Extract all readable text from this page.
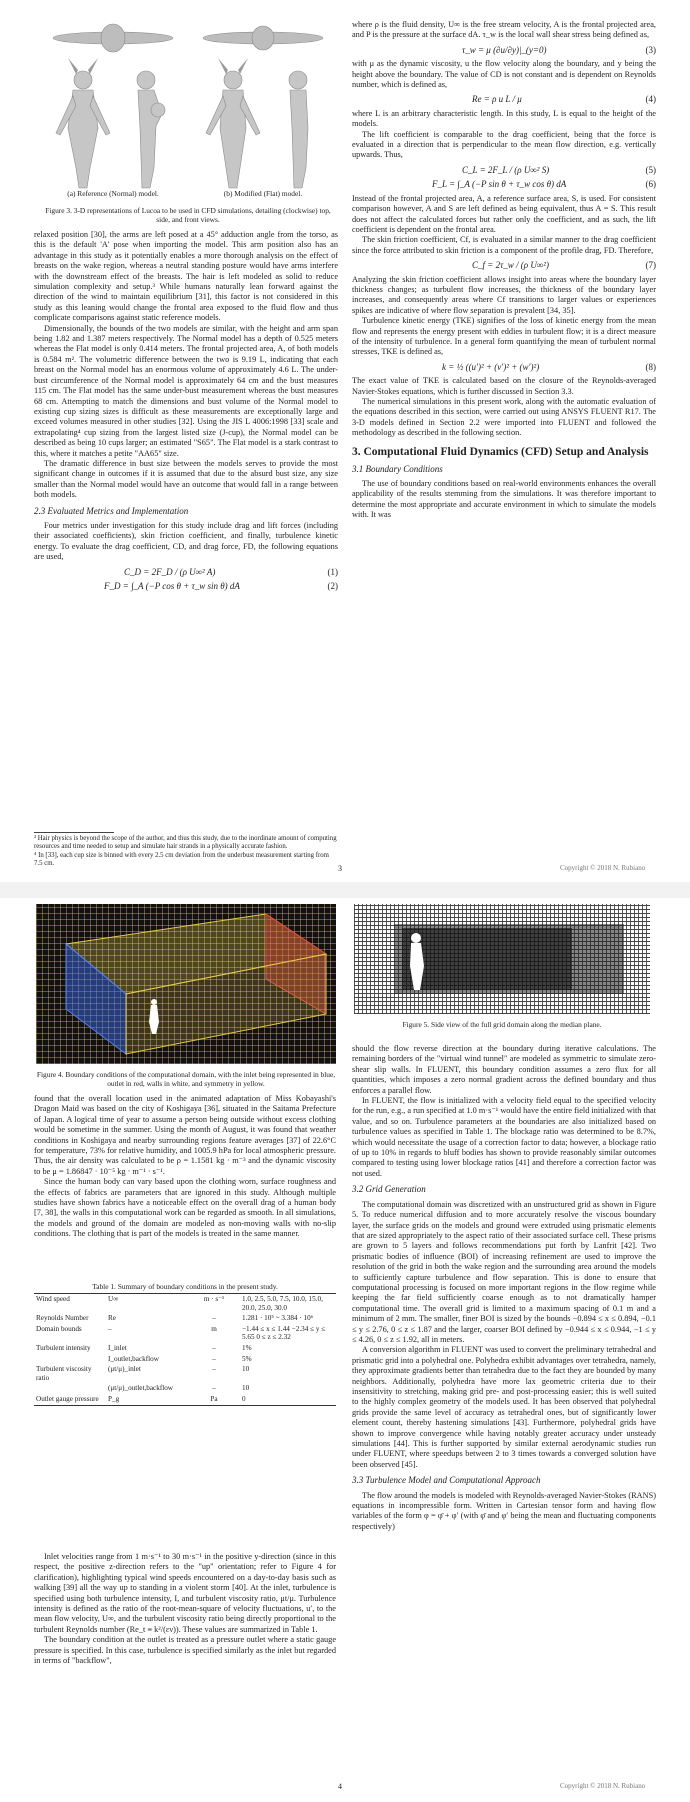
(a) Reference (Normal) model.	(b) Modified (Flat) model.
Figure 3. 3-D representations of Lucoa to be used in CFD simulations, detailing (clockwise) top, side, and front views.

relaxed position [30], the arms are left posed at a 45° adduction angle from the torso, as this is the default 'A' pose when importing the model. This arm position also has an advantage in this study as it potentially enables a more thorough analysis on the effect of breasts on the wake region, whereas a neutral standing posture would have arms interfere with the downstream effect of the breasts. The hair is left modeled as solid to reduce simulation complexity and setup.³ While humans naturally lean forward against the direction of the wind to maintain equilibrium [31], this factor is not considered in this study as this leaning would change the frontal area exposed to the fluid flow and thus complicate comparisons against static reference models.

Dimensionally, the bounds of the two models are similar, with the height and arm span being 1.82 and 1.387 meters respectively. The Normal model has a depth of 0.525 meters whereas the Flat model is only 0.414 meters. The frontal projected area, A, of both models is 0.584 m². The volumetric difference between the two is 9.19 L, indicating that each breast on the Normal model has an enormous volume of approximately 4.6 L. The under-bust circumference of the Normal model is approximately 64 cm and the bust measures 115 cm. The Flat model has the same under-bust measurement whereas the bust measures 68 cm. Attempting to match the dimensions and bust volume of the Normal model to existing cup sizing sizes is difficult as these measurements are exceptionally large and exceed volumes measured in other studies [32]. Using the JIS L 4006:1998 [33] scale and extrapolating⁴ cup sizing from the largest listed size (J-cup), the Normal model can be described as being 10 cups larger; an estimated "S65". The Flat model is a stark contrast to this, where it matches a petite "AA65" size.

The dramatic difference in bust size between the models serves to provide the most significant change in outcomes if it is assumed that due to the absurd bust size, any size smaller than the Normal model would have an outcome that would fall in a range between both models.

2.3 Evaluated Metrics and Implementation

Four metrics under investigation for this study include drag and lift forces (including their associated coefficients), skin friction coefficient, and finally, turbulence kinetic energy. To evaluate the drag coefficient, CD, and drag force, FD, the following equations are used,

C_D = 2F_D / (ρ U∞² A)	(1)
F_D = ∫_A (−P cos θ + τ_w sin θ) dA	(2)
³ Hair physics is beyond the scope of the author, and thus this study, due to the inordinate amount of computing resources and time needed to setup and simulate hair strands in a physically accurate fashion.
⁴ In [33], each cup size is binned with every 2.5 cm deviation from the underbust measurement starting from 7.5 cm.
3

where ρ is the fluid density, U∞ is the free stream velocity, A is the frontal projected area, and P is the pressure at the surface dA. τ_w is the local wall shear stress being defined as,

τ_w = μ (∂u/∂y)|_(y=0)	(3)

with μ as the dynamic viscosity, u the flow velocity along the boundary, and y being the height above the boundary. The value of CD is not constant and is dependent on Reynolds number, which is defined as,

Re = ρ u L / μ	(4)

where L is an arbitrary characteristic length. In this study, L is equal to the height of the models.

The lift coefficient is comparable to the drag coefficient, being that the force is evaluated in a direction that is perpendicular to the mean flow direction, e.g. vertically upwards. Thus,

C_L = 2F_L / (ρ U∞² S)	(5)
F_L = ∫_A (−P sin θ + τ_w cos θ) dA	(6)

Instead of the frontal projected area, A, a reference surface area, S, is used. For consistent comparison however, A and S are left defined as being equivalent, thus A = S. This result does not affect the calculated forces but rather only the coefficient, and as such, the lift coefficient is dependent on the frontal area.

The skin friction coefficient, Cf, is evaluated in a similar manner to the drag coefficient since the force attributed to skin friction is a component of the profile drag, FD. Therefore,

C_f = 2τ_w / (ρ U∞²)	(7)

Analyzing the skin friction coefficient allows insight into areas where the boundary layer thickness changes; as turbulent flow increases, the thickness of the boundary layer increases, and consequently areas where Cf transitions to larger values or experiences spikes are indicative of where flow separation is prevalent [34, 35].

Turbulence kinetic energy (TKE) signifies of the loss of kinetic energy from the mean flow and represents the energy present with eddies in turbulent flow; it is a direct measure of the intensity of turbulence. In a general form quantifying the mean of turbulent normal stresses, TKE is defined as,

k = ½ ((u′)² + (v′)² + (w′)²)	(8)

The exact value of TKE is calculated based on the closure of the Reynolds-averaged Navier-Stokes equations, which is further discussed in Section 3.3.

The numerical simulations in this present work, along with the automatic evaluation of the equations described in this section, were carried out using ANSYS FLUENT R17. The 3-D models defined in Section 2.2 were imported into FLUENT and followed the methodology as described in the following section.

3. Computational Fluid Dynamics (CFD) Setup and Analysis
3.1 Boundary Conditions

The use of boundary conditions based on real-world environments enhances the overall applicability of the results stemming from the simulations. It was therefore important to determine the most appropriate and accurate environment in which to simulate the models with. It was

Copyright © 2018 N. Rubiano
Figure 4. Boundary conditions of the computational domain, with the inlet being represented in blue, outlet in red, walls in white, and symmetry in yellow.
Figure 5. Side view of the full grid domain along the median plane.

found that the overall location used in the animated adaptation of Miss Kobayashi's Dragon Maid was based on the city of Koshigaya [36], situated in the Saitama Prefecture of Japan. A logical time of year to assume a person being outside without excess clothing would be sometime in the summer. Using the month of August, it was found that weather conditions in Koshigaya and nearby surrounding regions feature averages [37] of 22.6°C for temperature, 73% for relative humidity, and 1005.9 hPa for local atmospheric pressure. Thus, the air density was calculated to be ρ = 1.1581 kg · m⁻³ and the dynamic viscosity to be μ = 1.86847 · 10⁻⁵ kg · m⁻¹ · s⁻¹.

Since the human body can vary based upon the clothing worn, surface roughness and the effects of fabrics are parameters that are ignored in this study. Although multiple studies have shown fabrics have a noticeable effect on the overall drag of a human body [7, 38], the walls in this computational work can be regarded as smooth. In all simulations, the models and ground of the domain are modeled as non-moving walls with no-slip conditions. The clothing that is part of the models is treated in the same manner.

Table 1. Summary of boundary conditions in the present study.
Wind speed	U∞	m · s⁻¹	1.0, 2.5, 5.0, 7.5, 10.0, 15.0, 20.0, 25.0, 30.0
Reynolds Number	Re	–	1.281 · 10⁵ ~ 3.384 · 10⁶
Domain bounds	–	m	−1.44 ≤ x ≤ 1.44 −2.34 ≤ y ≤ 5.65 0 ≤ z ≤ 2.32
Turbulent intensity	I_inlet	–	1%
	I_outlet,backflow	–	5%
Turbulent viscosity ratio	(μt/μ)_inlet	–	10
	(μt/μ)_outlet,backflow	–	10
Outlet gauge pressure	P_g	Pa	0

Inlet velocities range from 1 m·s⁻¹ to 30 m·s⁻¹ in the positive y-direction (since in this respect, the positive z-direction refers to the "up" orientation; refer to Figure 4 for clarification), highlighting typical wind speeds encountered on a day-to-day basis such as walking [39] all the way up to standing in a violent storm [40]. At the inlet, turbulence is specified using both turbulence intensity, I, and turbulent viscosity ratio, μt/μ. Turbulence intensity is defined as the ratio of the root-mean-square of velocity fluctuations, u′, to the mean flow velocity, U∞, and the turbulent viscosity ratio being directly proportional to the turbulent Reynolds number (Re_t ≡ k²/(εν)). These values are summarized in Table 1.

The boundary condition at the outlet is treated as a pressure outlet where a static gauge pressure is specified. In this case, turbulence is specified similarly as the inlet but regarded in terms of "backflow",

4

should the flow reverse direction at the boundary during iterative calculations. The remaining borders of the "virtual wind tunnel" are modeled as symmetric to simulate zero-shear slip walls. In FLUENT, this boundary condition assumes a zero flux for all quantities, which imposes a zero normal gradient across the defined boundary and thus enforces a parallel flow.

In FLUENT, the flow is initialized with a velocity field equal to the specified velocity for the run, e.g., a run specified at 1.0 m·s⁻¹ would have the entire field initialized with that value, and so on. Turbulence parameters at the boundaries are also initialized based on turbulence values as specified in Table 1. The blockage ratio was determined to be 8.7%, which would necessitate the usage of a correction factor to data; however, a blockage ratio of up to 10% in regards to bluff bodies has shown to provide reasonably similar outcomes compared to testing using lower blockage ratios [41] and therefore a correction factor was not used.

3.2 Grid Generation

The computational domain was discretized with an unstructured grid as shown in Figure 5. To reduce numerical diffusion and to more accurately resolve the viscous boundary layer, the surface grids on the models and ground were extruded using prismatic elements that are sized appropriately to the aspect ratio of their associated surface cell. These prisms are grown to 5 layers and follows recommendations put forth by Lanfrit [42]. Two prismatic bodies of influence (BOI) of increasing refinement are used to improve the resolution of the grid in both the wake region and the surrounding area around the models to sufficiently capture turbulence and flow separation. This is done to ensure that computational processing is focused on more important regions in the flow regime while keeping the far field sufficiently coarse enough as to not dramatically hamper computational time. The overall grid is limited to a maximum spacing of 0.1 m and a minimum of 2 mm. The smaller, finer BOI is sized by the bounds −0.894 ≤ x ≤ 0.894, −0.1 ≤ y ≤ 2.76, 0 ≤ z ≤ 1.87 and the larger, coarser BOI defined by −0.944 ≤ x ≤ 0.944, −1 ≤ y ≤ 4.26, 0 ≤ z ≤ 1.92, all in meters.

A conversion algorithm in FLUENT was used to convert the preliminary tetrahedral and prismatic grid into a polyhedral one. Polyhedra exhibit advantages over tetrahedra, namely, they approximate gradients better than tetrahedra due to the fact they are bounded by many neighbors. Additionally, polyhedra have more lax geometric criteria due to their insensitivity to stretching, making grid pre- and post-processing easier; this is well suited to the highly complex geometry of the models used. It has been observed that polyhedral grids provide the same level of accuracy as tetrahedral ones, but of significantly lower element count, thereby hastening simulations [43]. Furthermore, polyhedral grids have shown to improve convergence while having notably greater accuracy under unsteady simulations [44]. This is further supported by similar external aerodynamic studies run under FLUENT, where speedups between 2 to 3 times towards a converged solution have been observed [45].

3.3 Turbulence Model and Computational Approach

The flow around the models is modeled with Reynolds-averaged Navier-Stokes (RANS) equations in incompressible form. Written in Cartesian tensor form and having flow variables of the form φ = φ̄ + φ′ (with φ̄ and φ′ being the mean and fluctuating components respectively)

Copyright © 2018 N. Rubiano
